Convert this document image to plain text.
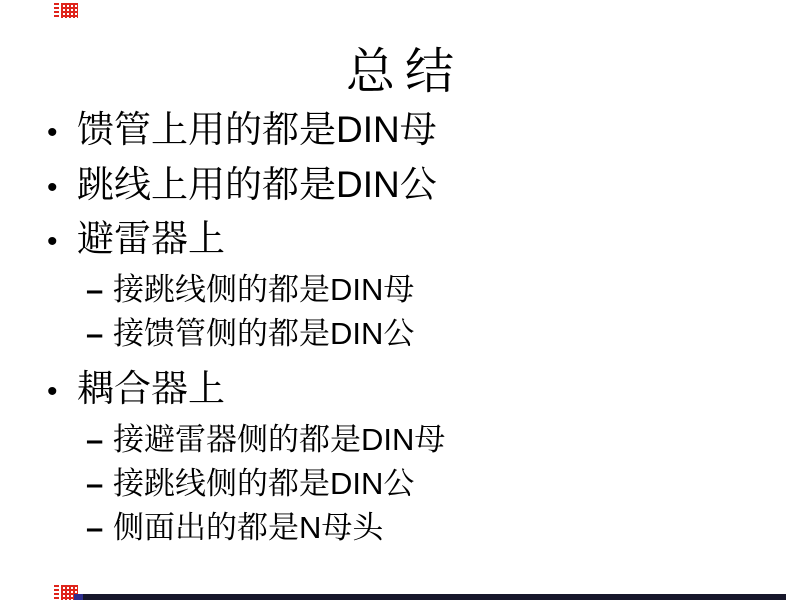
总结
• 馈管上用的都是 DIN 母
• 跳线上用的都是 DIN 公
• 避雷器上
– 接跳线侧的都是 DIN 母
– 接馈管侧的都是 DIN 公
• 耦合器上
– 接避雷器侧的都是 DIN 母
– 接跳线侧的都是 DIN 公
– 侧面出的都是 N 母头
